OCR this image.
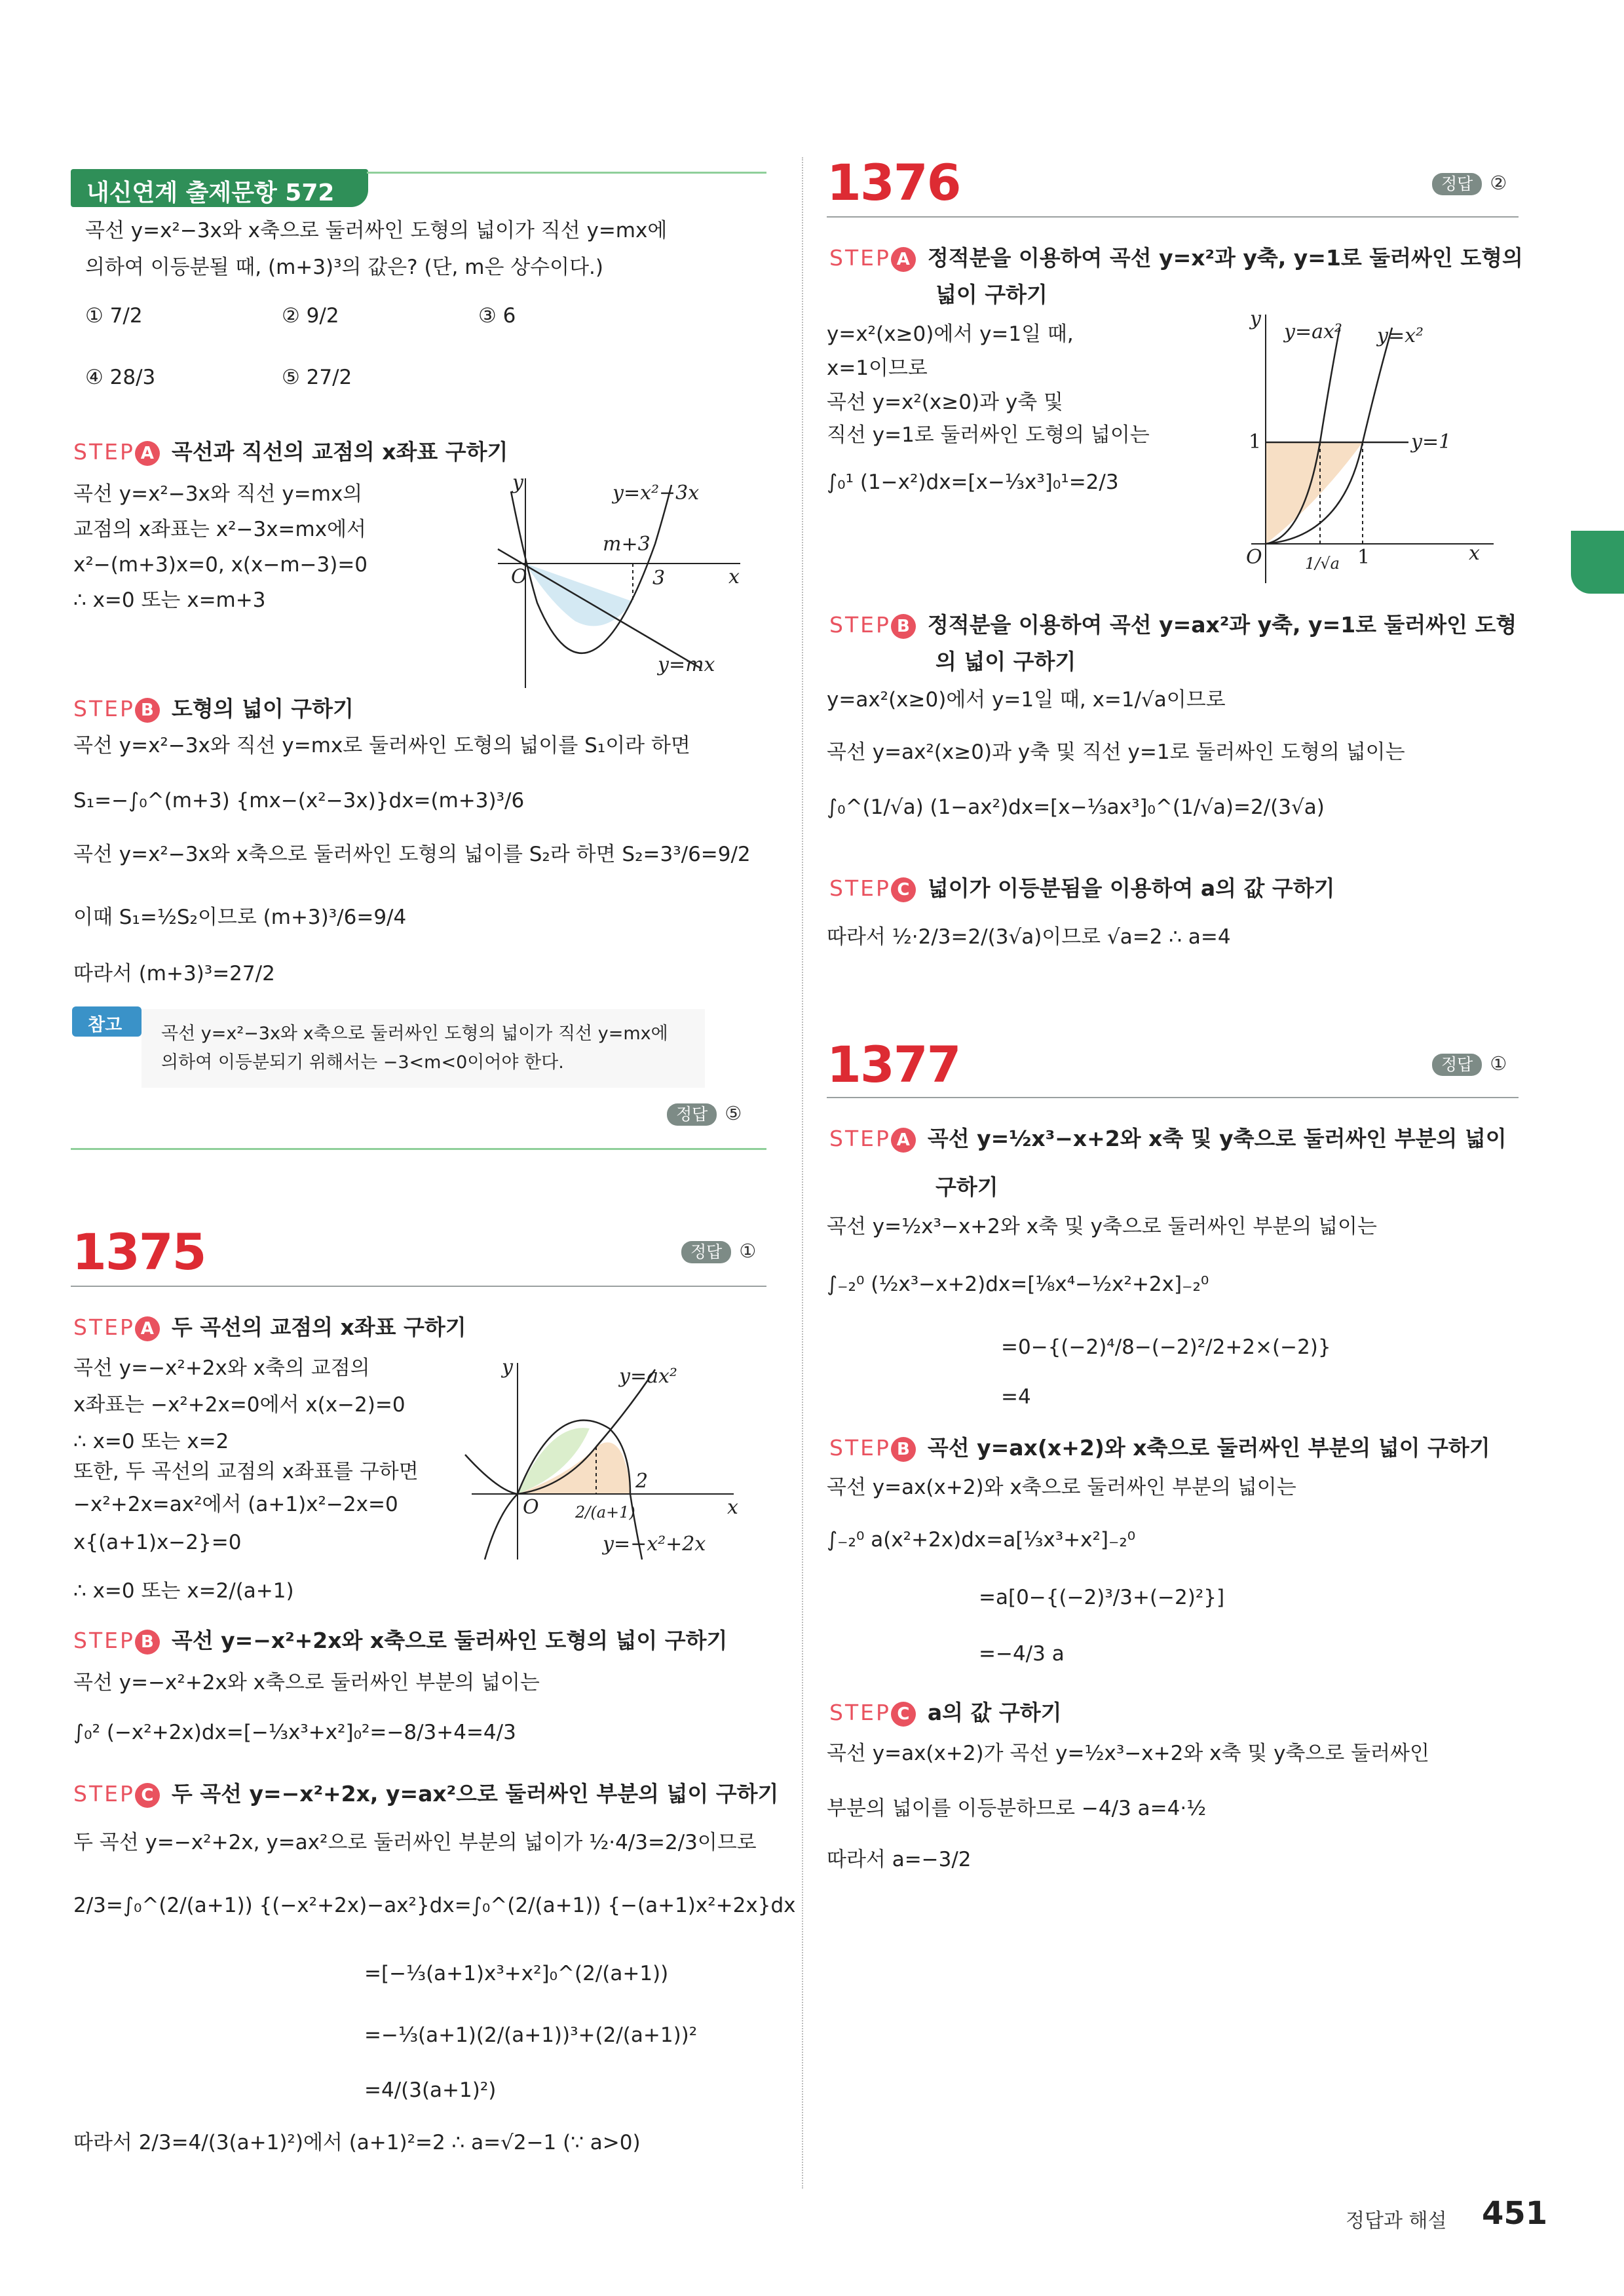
내신연계 출제문항 572
곡선 y=x²−3x와 x축으로 둘러싸인 도형의 넓이가 직선 y=mx에
의하여 이등분될 때, (m+3)³의 값은? (단, m은 상수이다.)
① 7/2	② 9/2	③ 6
④ 28/3	⑤ 27/2
STEP A 곡선과 직선의 교점의 x좌표 구하기
곡선 y=x²−3x와 직선 y=mx의
교점의 x좌표는 x²−3x=mx에서
x²−(m+3)x=0, x(x−m−3)=0
∴ x=0 또는 x=m+3
y
x
O
m+3
3
y=x²−3x
y=mx
STEP B 도형의 넓이 구하기
곡선 y=x²−3x와 직선 y=mx로 둘러싸인 도형의 넓이를 S₁이라 하면
S₁=−∫₀^(m+3) {mx−(x²−3x)}dx=(m+3)³/6
곡선 y=x²−3x와 x축으로 둘러싸인 도형의 넓이를 S₂라 하면 S₂=3³/6=9/2
이때 S₁=½S₂이므로 (m+3)³/6=9/4
따라서 (m+3)³=27/2
참고 곡선 y=x²−3x와 x축으로 둘러싸인 도형의 넓이가 직선 y=mx에
의하여 이등분되기 위해서는 −3<m<0이어야 한다.
정답 ⑤
1375	정답 ①
STEP A 두 곡선의 교점의 x좌표 구하기
곡선 y=−x²+2x와 x축의 교점의
x좌표는 −x²+2x=0에서 x(x−2)=0
∴ x=0 또는 x=2
또한, 두 곡선의 교점의 x좌표를 구하면
−x²+2x=ax²에서 (a+1)x²−2x=0
x{(a+1)x−2}=0
∴ x=0 또는 x=2/(a+1)
y
x
O
2
2/(a+1)
y=ax²
y=−x²+2x
STEP B 곡선 y=−x²+2x와 x축으로 둘러싸인 도형의 넓이 구하기
곡선 y=−x²+2x와 x축으로 둘러싸인 부분의 넓이는
∫₀² (−x²+2x)dx=[−⅓x³+x²]₀²=−8/3+4=4/3
STEP C 두 곡선 y=−x²+2x, y=ax²으로 둘러싸인 부분의 넓이 구하기
두 곡선 y=−x²+2x, y=ax²으로 둘러싸인 부분의 넓이가 ½·4/3=2/3이므로
2/3=∫₀^(2/(a+1)) {(−x²+2x)−ax²}dx=∫₀^(2/(a+1)) {−(a+1)x²+2x}dx
=[−⅓(a+1)x³+x²]₀^(2/(a+1))
=−⅓(a+1)(2/(a+1))³+(2/(a+1))²
=4/(3(a+1)²)
따라서 2/3=4/(3(a+1)²)에서 (a+1)²=2 ∴ a=√2−1 (∵ a>0)
1376	정답 ②
STEP A 정적분을 이용하여 곡선 y=x²과 y축, y=1로 둘러싸인 도형의
넓이 구하기
y=x²(x≥0)에서 y=1일 때,
x=1이므로
곡선 y=x²(x≥0)과 y축 및
직선 y=1로 둘러싸인 도형의 넓이는
∫₀¹ (1−x²)dx=[x−⅓x³]₀¹=2/3
y
x
O
1
1/√a 1
y=ax² y=x²
y=1
STEP B 정적분을 이용하여 곡선 y=ax²과 y축, y=1로 둘러싸인 도형
의 넓이 구하기
y=ax²(x≥0)에서 y=1일 때, x=1/√a이므로
곡선 y=ax²(x≥0)과 y축 및 직선 y=1로 둘러싸인 도형의 넓이는
∫₀^(1/√a) (1−ax²)dx=[x−⅓ax³]₀^(1/√a)=2/(3√a)
STEP C 넓이가 이등분됨을 이용하여 a의 값 구하기
따라서 ½·2/3=2/(3√a)이므로 √a=2 ∴ a=4
1377	정답 ①
STEP A 곡선 y=½x³−x+2와 x축 및 y축으로 둘러싸인 부분의 넓이
구하기
곡선 y=½x³−x+2와 x축 및 y축으로 둘러싸인 부분의 넓이는
∫₋₂⁰ (½x³−x+2)dx=[⅛x⁴−½x²+2x]₋₂⁰
=0−{(−2)⁴/8−(−2)²/2+2×(−2)}
=4
STEP B 곡선 y=ax(x+2)와 x축으로 둘러싸인 부분의 넓이 구하기
곡선 y=ax(x+2)와 x축으로 둘러싸인 부분의 넓이는
∫₋₂⁰ a(x²+2x)dx=a[⅓x³+x²]₋₂⁰
=a[0−{(−2)³/3+(−2)²}]
=−4/3 a
STEP C a의 값 구하기
곡선 y=ax(x+2)가 곡선 y=½x³−x+2와 x축 및 y축으로 둘러싸인
부분의 넓이를 이등분하므로 −4/3 a=4·½
따라서 a=−3/2
정답과 해설 451
